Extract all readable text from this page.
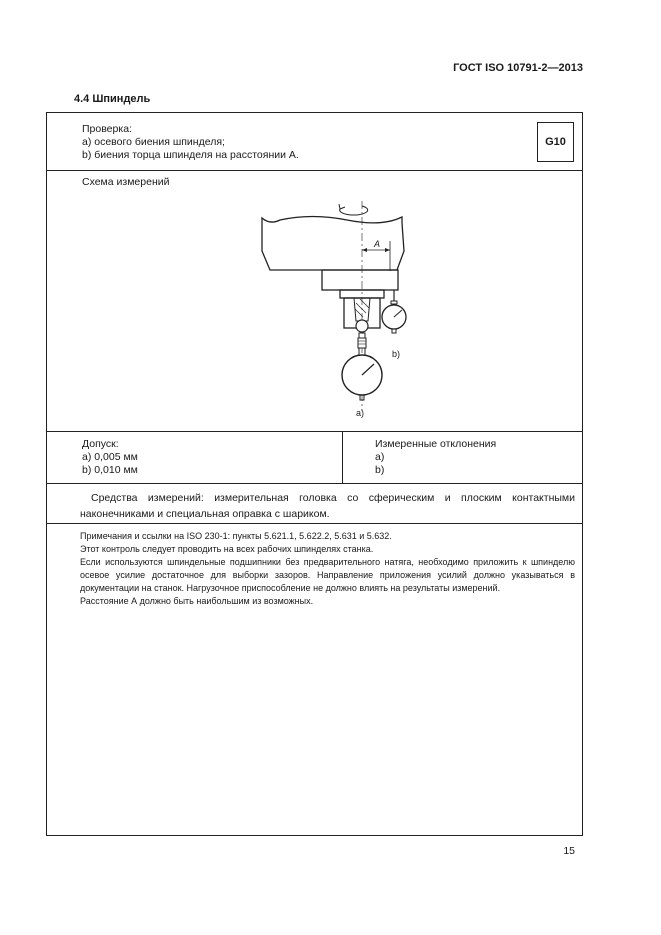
ГОСТ ISO 10791-2—2013
4.4 Шпиндель
Проверка:
a) осевого биения шпинделя;
b) биения торца шпинделя на расстоянии А.
G10
Схема измерений
A
b)
a)
Допуск:
a) 0,005 мм
b) 0,010 мм
Измеренные отклонения
a)
b)
Средства измерений: измерительная головка со сферическим и плоским контактными наконечниками и специальная оправка с шариком.

Примечания и ссылки на ISO 230-1: пункты 5.621.1, 5.622.2, 5.631 и 5.632.

Этот контроль следует проводить на всех рабочих шпинделях станка.

Если используются шпиндельные подшипники без предварительного натяга, необходимо приложить к шпинделю осевое усилие достаточное для выборки зазоров. Направление приложения усилий должно указываться в документации на станок. Нагрузочное приспособление не должно влиять на результаты измерений.

Расстояние А должно быть наибольшим из возможных.

15
